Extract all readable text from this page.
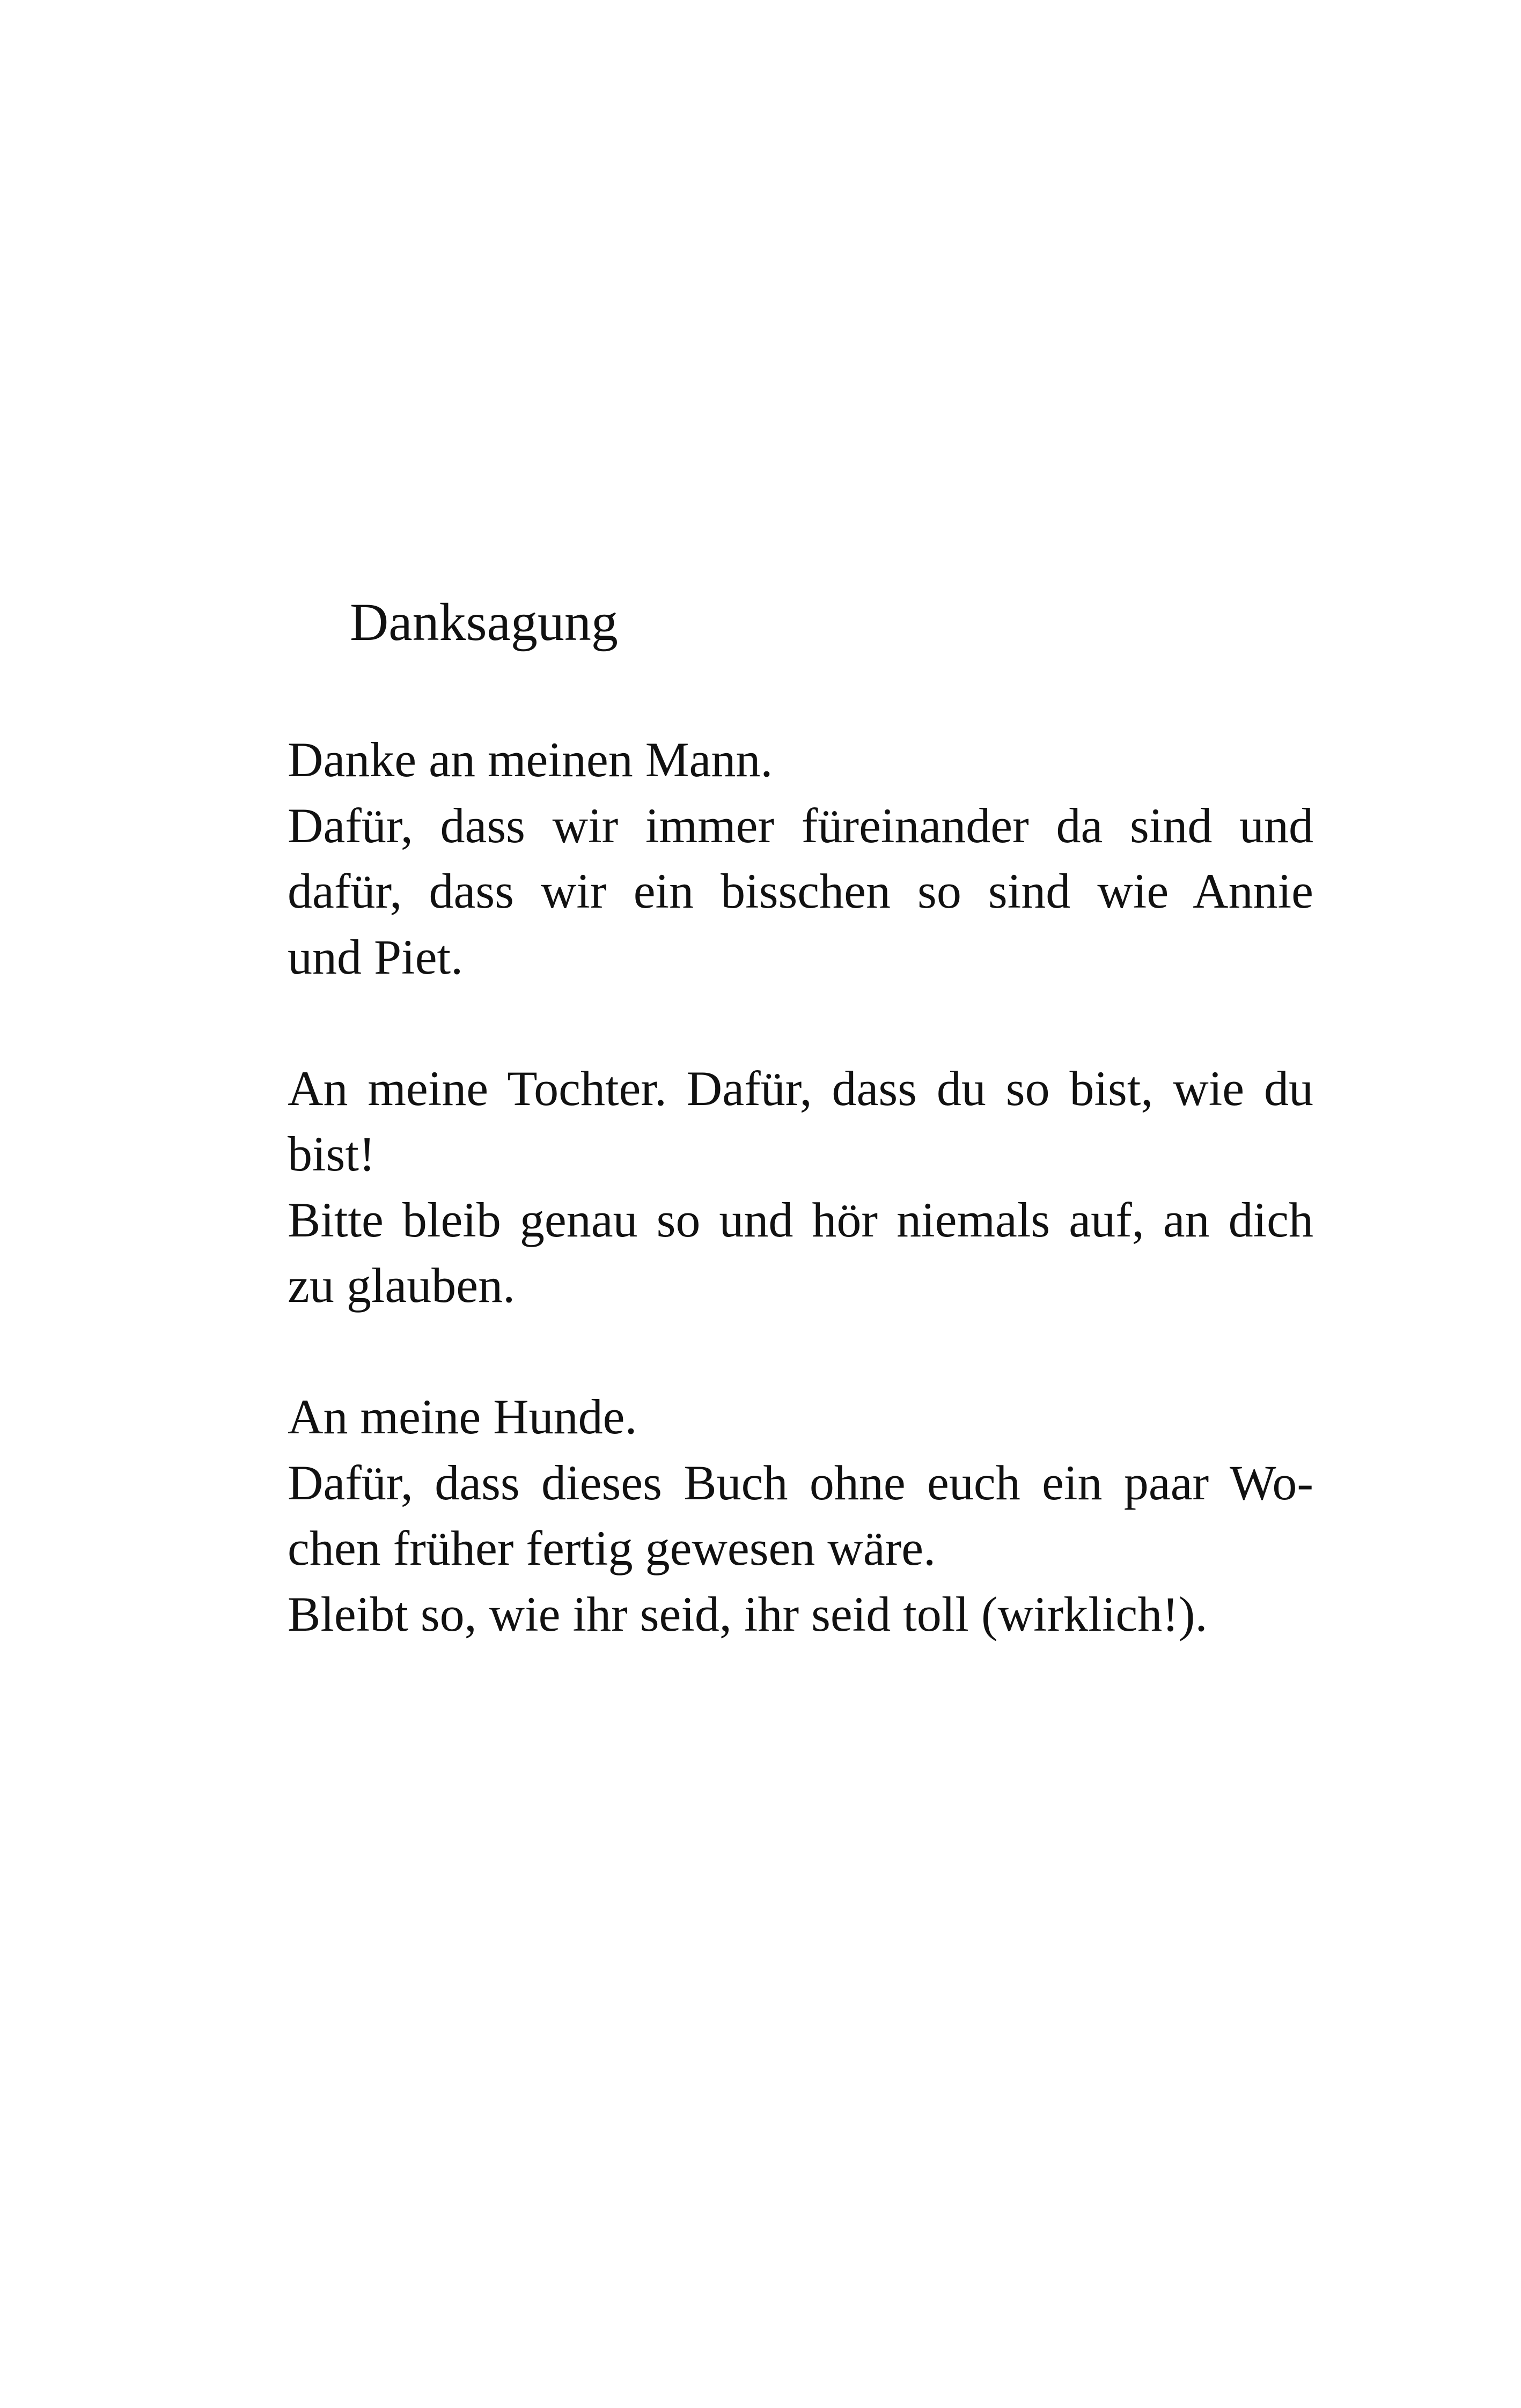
Danksagung
Danke an meinen Mann.
Dafür, dass wir immer füreinander da sind und
dafür, dass wir ein bisschen so sind wie Annie
und Piet.
An meine Tochter. Dafür, dass du so bist, wie du
bist!
Bitte bleib genau so und hör niemals auf, an dich
zu glauben.
An meine Hunde.
Dafür, dass dieses Buch ohne euch ein paar Wo-
chen früher fertig gewesen wäre.
Bleibt so, wie ihr seid, ihr seid toll (wirklich!).
